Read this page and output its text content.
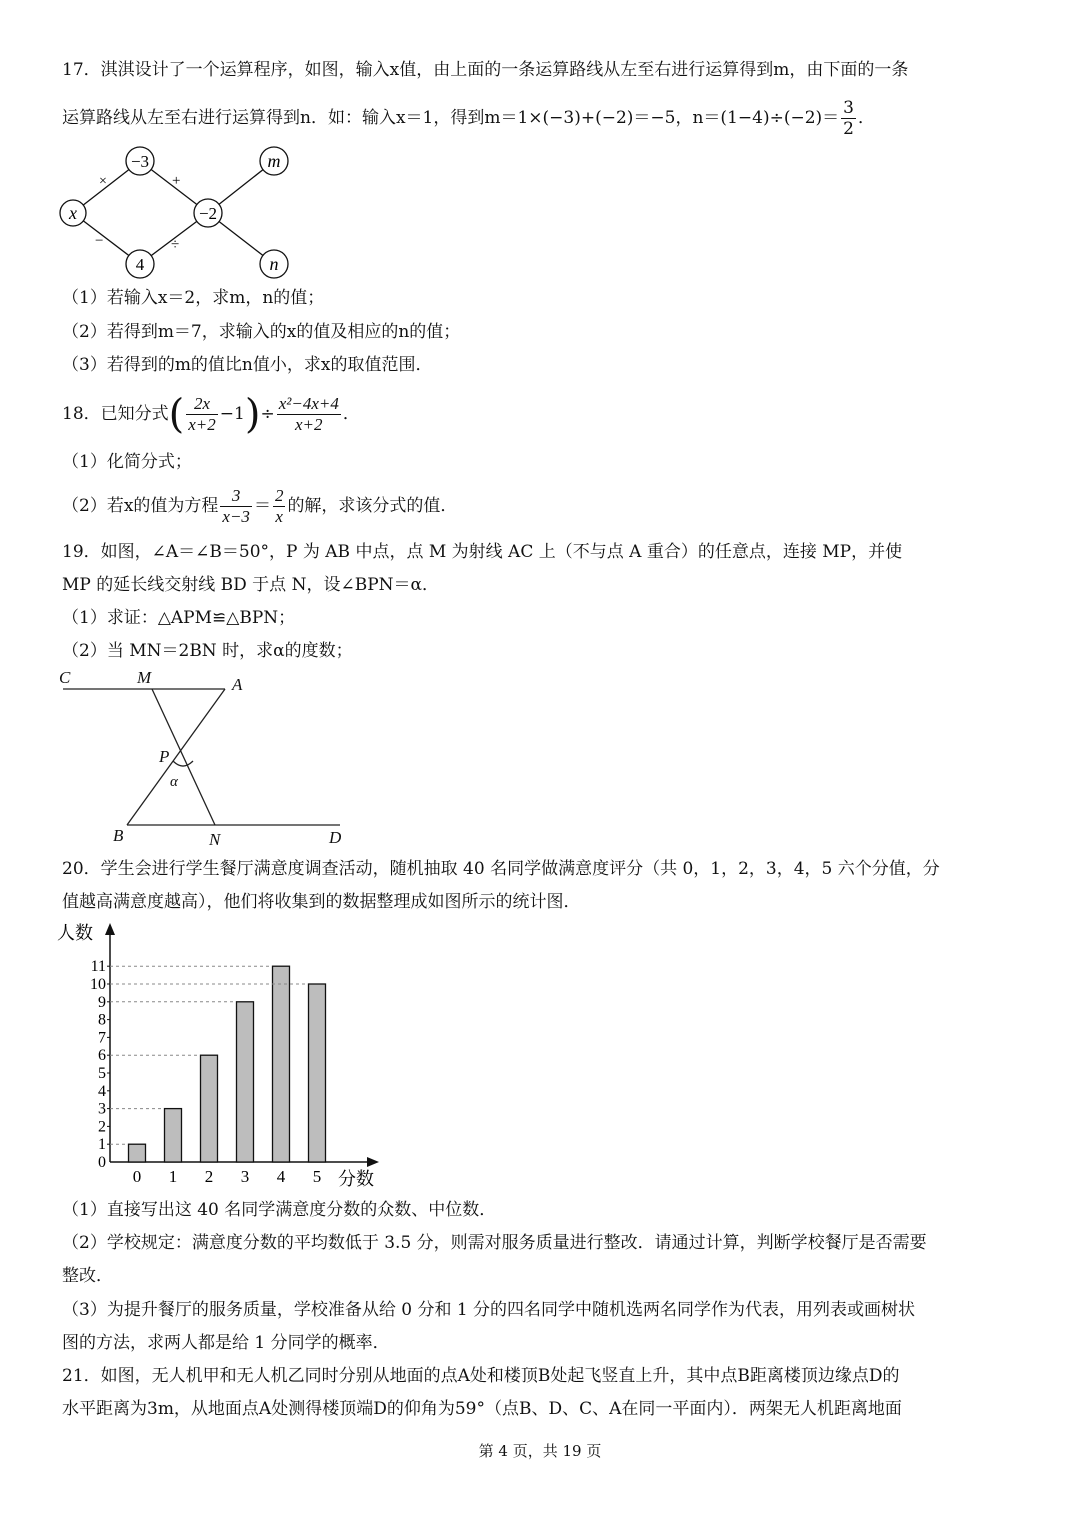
17．淇淇设计了一个运算程序，如图，输入x值，由上面的一条运算路线从左至右进行运算得到m，由下面的一条
运算路线从左至右进行运算得到n．如：输入x＝1，得到m＝1×(−3)+(−2)＝−5，$n=(1-4)\div(-2)= \frac{3}{2}$ ．
x
−3
4
−2
m
n
×	+
−	÷
（1）若输入x＝2，求m，n的值；
（2）若得到m＝7，求输入的x的值及相应的n的值；
（3）若得到的m的值比n值小，求x的取值范围．
18．已知分式( $\frac{2x}{x+2} -1)\div \frac{\text{x²−4x+4}}{x+2}$ ．
（1）化简分式；
（2）若x的值为方程 $\frac{3}{x-3} = \frac{2}{x}$ 的解，求该分式的值．
19．如图，∠A＝∠B＝50°，P 为 AB 中点，点 M 为射线 AC 上（不与点 A 重合）的任意点，连接 MP，并使
MP 的延长线交射线 BD 于点 N，设∠BPN＝α．
（1）求证：△APM≌△BPN；
（2）当 MN＝2BN 时，求α的度数；
C	M	A
P
α
B	N	D
20．学生会进行学生餐厅满意度调查活动，随机抽取 40 名同学做满意度评分（共 0，1，2，3，4，5 六个分值，分
值越高满意度越高），他们将收集到的数据整理成如图所示的统计图．
0
1
2
3
4
5
6
7
8
9
10
11
人数
分数
0 1 2 3 4 5
（1）直接写出这 40 名同学满意度分数的众数、中位数．
（2）学校规定：满意度分数的平均数低于 3.5 分，则需对服务质量进行整改．请通过计算，判断学校餐厅是否需要
整改．
（3）为提升餐厅的服务质量，学校准备从给 0 分和 1 分的四名同学中随机选两名同学作为代表，用列表或画树状
图的方法，求两人都是给 1 分同学的概率．
21．如图，无人机甲和无人机乙同时分别从地面的点A处和楼顶B处起飞竖直上升，其中点B距离楼顶边缘点D的
水平距离为3m，从地面点A处测得楼顶端D的仰角为59°（点B、D、C、A在同一平面内）．两架无人机距离地面
第 4 页，共 19 页
